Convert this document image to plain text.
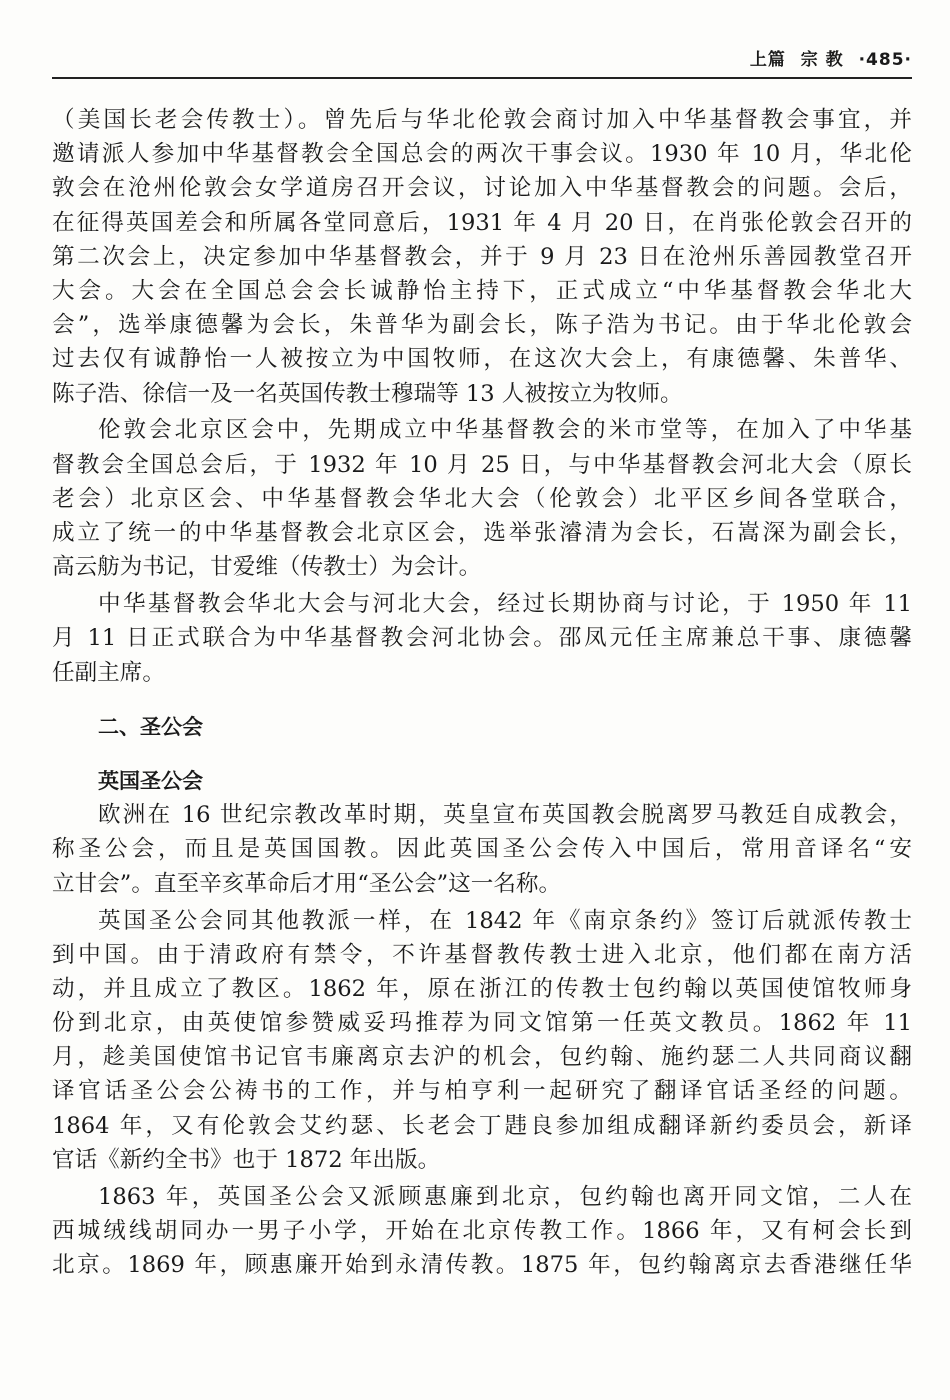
上篇 宗 教 ·485·
（美国长老会传教士）。曾先后与华北伦敦会商讨加入中华基督教会事宜，并
邀请派人参加中华基督教会全国总会的两次干事会议。1930 年 10 月，华北伦
敦会在沧州伦敦会女学道房召开会议，讨论加入中华基督教会的问题。会后，
在征得英国差会和所属各堂同意后，1931 年 4 月 20 日，在肖张伦敦会召开的
第二次会上，决定参加中华基督教会，并于 9 月 23 日在沧州乐善园教堂召开
大会。大会在全国总会会长诚静怡主持下，正式成立“中华基督教会华北大
会”，选举康德馨为会长，朱普华为副会长，陈子浩为书记。由于华北伦敦会
过去仅有诚静怡一人被按立为中国牧师，在这次大会上，有康德馨、朱普华、
陈子浩、徐信一及一名英国传教士穆瑞等 13 人被按立为牧师。
伦敦会北京区会中，先期成立中华基督教会的米市堂等，在加入了中华基
督教会全国总会后，于 1932 年 10 月 25 日，与中华基督教会河北大会（原长
老会）北京区会、中华基督教会华北大会（伦敦会）北平区乡间各堂联合，
成立了统一的中华基督教会北京区会，选举张濬清为会长，石嵩深为副会长，
高云舫为书记，甘爱维（传教士）为会计。
中华基督教会华北大会与河北大会，经过长期协商与讨论，于 1950 年 11
月 11 日正式联合为中华基督教会河北协会。邵凤元任主席兼总干事、康德馨
任副主席。
二、圣公会
英国圣公会
欧洲在 16 世纪宗教改革时期，英皇宣布英国教会脱离罗马教廷自成教会，
称圣公会，而且是英国国教。因此英国圣公会传入中国后，常用音译名“安
立甘会”。直至辛亥革命后才用“圣公会”这一名称。
英国圣公会同其他教派一样，在 1842 年《南京条约》签订后就派传教士
到中国。由于清政府有禁令，不许基督教传教士进入北京，他们都在南方活
动，并且成立了教区。1862 年，原在浙江的传教士包约翰以英国使馆牧师身
份到北京，由英使馆参赞威妥玛推荐为同文馆第一任英文教员。1862 年 11
月，趁美国使馆书记官韦廉离京去沪的机会，包约翰、施约瑟二人共同商议翻
译官话圣公会公祷书的工作，并与柏亨利一起研究了翻译官话圣经的问题。
1864 年，又有伦敦会艾约瑟、长老会丁韪良参加组成翻译新约委员会，新译
官话《新约全书》也于 1872 年出版。
1863 年，英国圣公会又派顾惠廉到北京，包约翰也离开同文馆，二人在
西城绒线胡同办一男子小学，开始在北京传教工作。1866 年，又有柯会长到
北京。1869 年，顾惠廉开始到永清传教。1875 年，包约翰离京去香港继任华
